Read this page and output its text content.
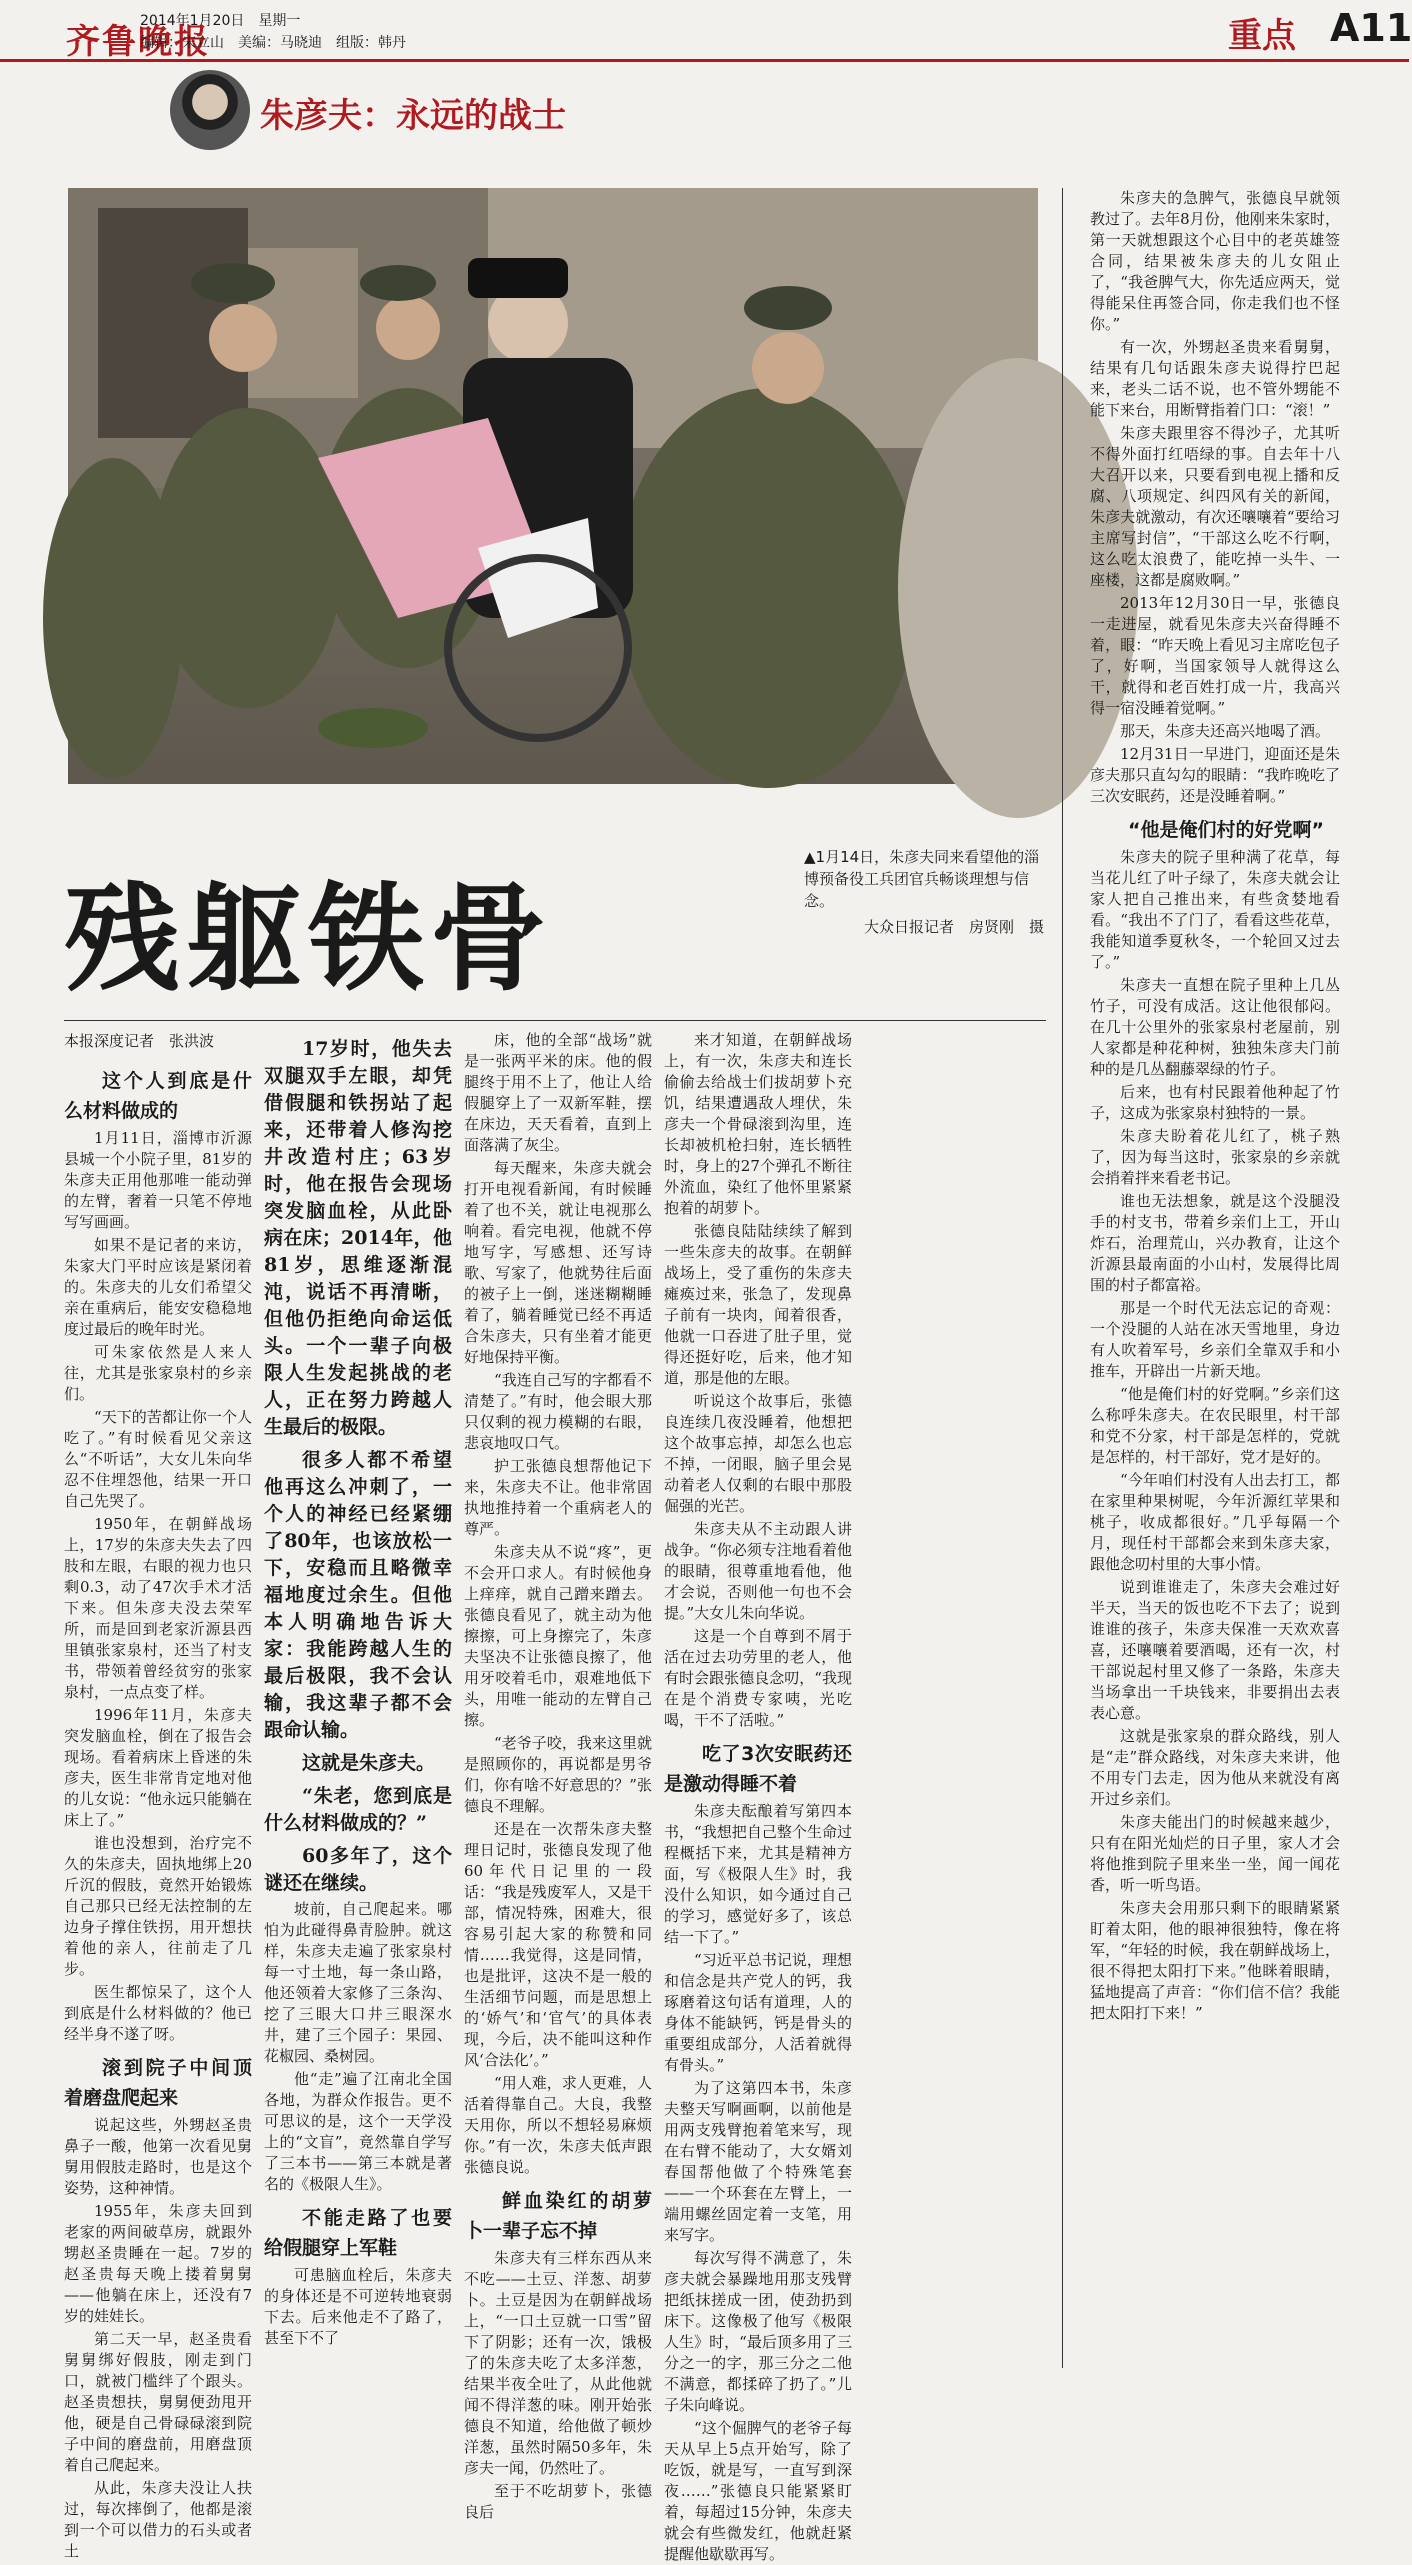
齐鲁晚报
2014年1月20日　星期一
编辑：宋立山　美编：马晓迪　组版：韩丹	重点 A11
朱彦夫：永远的战士
残躯铁骨
▲1月14日，朱彦夫同来看望他的淄博预备役工兵团官兵畅谈理想与信念。
大众日报记者　房贤刚　摄
本报深度记者　张洪波

这个人到底是什么材料做成的

1月11日，淄博市沂源县城一个小院子里，81岁的朱彦夫正用他那唯一能动弹的左臂，奢着一只笔不停地写写画画。

如果不是记者的来访，朱家大门平时应该是紧闭着的。朱彦夫的儿女们希望父亲在重病后，能安安稳稳地度过最后的晚年时光。

可朱家依然是人来人往，尤其是张家泉村的乡亲们。

“天下的苦都让你一个人吃了。”有时候看见父亲这么“不听话”，大女儿朱向华忍不住埋怨他，结果一开口自己先哭了。

1950年，在朝鲜战场上，17岁的朱彦夫失去了四肢和左眼，右眼的视力也只剩0.3，动了47次手术才活下来。但朱彦夫没去荣军所，而是回到老家沂源县西里镇张家泉村，还当了村支书，带领着曾经贫穷的张家泉村，一点点变了样。

1996年11月，朱彦夫突发脑血栓，倒在了报告会现场。看着病床上昏迷的朱彦夫，医生非常肯定地对他的儿女说：“他永远只能躺在床上了。”

谁也没想到，治疗完不久的朱彦夫，固执地绑上20斤沉的假肢，竟然开始锻炼自己那只已经无法控制的左边身子撑住铁拐，用开想扶着他的亲人，往前走了几步。

医生都惊呆了，这个人到底是什么材料做的？他已经半身不遂了呀。

滚到院子中间顶着磨盘爬起来

说起这些，外甥赵圣贵鼻子一酸，他第一次看见舅舅用假肢走路时，也是这个姿势，这种神情。

1955年，朱彦夫回到老家的两间破草房，就跟外甥赵圣贵睡在一起。7岁的赵圣贵每天晚上搂着舅舅——他躺在床上，还没有7岁的娃娃长。

第二天一早，赵圣贵看舅舅绑好假肢，刚走到门口，就被门槛绊了个跟头。赵圣贵想扶，舅舅便劲甩开他，硬是自己骨碌碌滚到院子中间的磨盘前，用磨盘顶着自己爬起来。

从此，朱彦夫没让人扶过，每次摔倒了，他都是滚到一个可以借力的石头或者土

17岁时，他失去双腿双手左眼，却凭借假腿和铁拐站了起来，还带着人修沟挖井改造村庄；63岁时，他在报告会现场突发脑血栓，从此卧病在床；2014年，他81岁，思维逐渐混沌，说话不再清晰，但他仍拒绝向命运低头。一个一辈子向极限人生发起挑战的老人，正在努力跨越人生最后的极限。

很多人都不希望他再这么冲刺了，一个人的神经已经紧绷了80年，也该放松一下，安稳而且略微幸福地度过余生。但他本人明确地告诉大家：我能跨越人生的最后极限，我不会认输，我这辈子都不会跟命认输。

这就是朱彦夫。

“朱老，您到底是什么材料做成的？”

60多年了，这个谜还在继续。

坡前，自己爬起来。哪怕为此碰得鼻青脸肿。就这样，朱彦夫走遍了张家泉村每一寸土地，每一条山路，他还领着大家修了三条沟、挖了三眼大口井三眼深水井，建了三个园子：果园、花椒园、桑树园。

他“走”遍了江南北全国各地，为群众作报告。更不可思议的是，这个一天学没上的“文盲”，竟然靠自学写了三本书——第三本就是著名的《极限人生》。

不能走路了也要给假腿穿上军鞋

可患脑血栓后，朱彦夫的身体还是不可逆转地衰弱下去。后来他走不了路了，甚至下不了

床，他的全部“战场”就是一张两平米的床。他的假腿终于用不上了，他让人给假腿穿上了一双新军鞋，摆在床边，天天看着，直到上面落满了灰尘。

每天醒来，朱彦夫就会打开电视看新闻，有时候睡着了也不关，就让电视那么响着。看完电视，他就不停地写字，写感想、还写诗歌、写家了，他就势往后面的被子上一倒，迷迷糊糊睡着了，躺着睡觉已经不再适合朱彦夫，只有坐着才能更好地保持平衡。

“我连自己写的字都看不清楚了。”有时，他会眼大那只仅剩的视力模糊的右眼，悲哀地叹口气。

护工张德良想帮他记下来，朱彦夫不让。他非常固执地推持着一个重病老人的尊严。

朱彦夫从不说“疼”，更不会开口求人。有时候他身上痒痒，就自己蹭来蹭去。张德良看见了，就主动为他擦擦，可上身擦完了，朱彦夫坚决不让张德良擦了，他用牙咬着毛巾，艰难地低下头，用唯一能动的左臂自己擦。

“老爷子咬，我来这里就是照顾你的，再说都是男爷们，你有啥不好意思的？”张德良不理解。

还是在一次帮朱彦夫整理日记时，张德良发现了他60年代日记里的一段话：“我是残废军人，又是干部，情况特殊，困难大，很容易引起大家的称赞和同情……我觉得，这是同情，也是批评，这决不是一般的生活细节问题，而是思想上的‘娇气’和‘官气’的具体表现，今后，决不能叫这种作风‘合法化’。”

“用人难，求人更难，人活着得靠自己。大良，我整天用你，所以不想轻易麻烦你。”有一次，朱彦夫低声跟张德良说。

鲜血染红的胡萝卜一辈子忘不掉

朱彦夫有三样东西从来不吃——土豆、洋葱、胡萝卜。土豆是因为在朝鲜战场上，“一口土豆就一口雪”留下了阴影；还有一次，饿极了的朱彦夫吃了太多洋葱，结果半夜全吐了，从此他就闻不得洋葱的味。刚开始张德良不知道，给他做了顿炒洋葱，虽然时隔50多年，朱彦夫一闻，仍然吐了。

至于不吃胡萝卜，张德良后

来才知道，在朝鲜战场上，有一次，朱彦夫和连长偷偷去给战士们拔胡萝卜充饥，结果遭遇敌人埋伏，朱彦夫一个骨碌滚到沟里，连长却被机枪扫射，连长牺牲时，身上的27个弹孔不断往外流血，染红了他怀里紧紧抱着的胡萝卜。

张德良陆陆续续了解到一些朱彦夫的故事。在朝鲜战场上，受了重伤的朱彦夫瘫痪过来，张急了，发现鼻子前有一块肉，闻着很香，他就一口吞进了肚子里，觉得还挺好吃，后来，他才知道，那是他的左眼。

听说这个故事后，张德良连续几夜没睡着，他想把这个故事忘掉，却怎么也忘不掉，一闭眼，脑子里会晃动着老人仅剩的右眼中那股倔强的光芒。

朱彦夫从不主动跟人讲战争。“你必须专注地看着他的眼睛，很尊重地看他，他才会说，否则他一句也不会提。”大女儿朱向华说。

这是一个自尊到不屑于活在过去功劳里的老人，他有时会跟张德良念叨，“我现在是个消费专家咦，光吃喝，干不了活啦。”

吃了3次安眠药还是激动得睡不着

朱彦夫酝酿着写第四本书，“我想把自己整个生命过程概括下来，尤其是精神方面，写《极限人生》时，我没什么知识，如今通过自己的学习，感觉好多了，该总结一下了。”

“习近平总书记说，理想和信念是共产党人的钙，我琢磨着这句话有道理，人的身体不能缺钙，钙是骨头的重要组成部分，人活着就得有骨头。”

为了这第四本书，朱彦夫整天写啊画啊，以前他是用两支残臂抱着笔来写，现在右臂不能动了，大女婿刘春国帮他做了个特殊笔套——一个环套在左臂上，一端用螺丝固定着一支笔，用来写字。

每次写得不满意了，朱彦夫就会暴躁地用那支残臂把纸抹搓成一团，使劲扔到床下。这像极了他写《极限人生》时，“最后顶多用了三分之一的字，那三分之二他不满意，都揉碎了扔了。”儿子朱向峰说。

“这个倔脾气的老爷子每天从早上5点开始写，除了吃饭，就是写，一直写到深夜……”张德良只能紧紧盯着，每超过15分钟，朱彦夫就会有些微发红，他就赶紧提醒他歇歇再写。

朱彦夫的急脾气，张德良早就领教过了。去年8月份，他刚来朱家时，第一天就想跟这个心目中的老英雄签合同，结果被朱彦夫的儿女阻止了，“我爸脾气大，你先适应两天，觉得能呆住再签合同，你走我们也不怪你。”

有一次，外甥赵圣贵来看舅舅，结果有几句话跟朱彦夫说得拧巴起来，老头二话不说，也不管外甥能不能下来台，用断臂指着门口：“滚！”

朱彦夫跟里容不得沙子，尤其听不得外面打红唔绿的事。自去年十八大召开以来，只要看到电视上播和反腐、八项规定、纠四风有关的新闻，朱彦夫就激动，有次还嚷嚷着“要给习主席写封信”，“干部这么吃不行啊，这么吃太浪费了，能吃掉一头牛、一座楼，这都是腐败啊。”

2013年12月30日一早，张德良一走进屋，就看见朱彦夫兴奋得睡不着，眼：“昨天晚上看见习主席吃包子了，好啊，当国家领导人就得这么干，就得和老百姓打成一片，我高兴得一宿没睡着觉啊。”

那天，朱彦夫还高兴地喝了酒。

12月31日一早进门，迎面还是朱彦夫那只直勾勾的眼睛：“我昨晚吃了三次安眠药，还是没睡着啊。”

“他是俺们村的好党啊”

朱彦夫的院子里种满了花草，每当花儿红了叶子绿了，朱彦夫就会让家人把自己推出来，有些贪婪地看看。“我出不了门了，看看这些花草，我能知道季夏秋冬，一个轮回又过去了。”

朱彦夫一直想在院子里种上几丛竹子，可没有成活。这让他很郁闷。在几十公里外的张家泉村老屋前，别人家都是种花种树，独独朱彦夫门前种的是几丛翻藤翠绿的竹子。

后来，也有村民跟着他种起了竹子，这成为张家泉村独特的一景。

朱彦夫盼着花儿红了，桃子熟了，因为每当这时，张家泉的乡亲就会捎着拌来看老书记。

谁也无法想象，就是这个没腿没手的村支书，带着乡亲们上工，开山炸石，治理荒山，兴办教育，让这个沂源县最南面的小山村，发展得比周围的村子都富裕。

那是一个时代无法忘记的奇观：一个没腿的人站在冰天雪地里，身边有人吹着军号，乡亲们全靠双手和小推车，开辟出一片新天地。

“他是俺们村的好党啊。”乡亲们这么称呼朱彦夫。在农民眼里，村干部和党不分家，村干部是怎样的，党就是怎样的，村干部好，党才是好的。

“今年咱们村没有人出去打工，都在家里种果树呢，今年沂源红苹果和桃子，收成都很好。”几乎每隔一个月，现任村干部都会来到朱彦夫家，跟他念叨村里的大事小情。

说到谁谁走了，朱彦夫会难过好半天，当天的饭也吃不下去了；说到谁谁的孩子，朱彦夫保准一天欢欢喜喜，还嚷嚷着要酒喝，还有一次，村干部说起村里又修了一条路，朱彦夫当场拿出一千块钱来，非要捐出去表表心意。

这就是张家泉的群众路线，别人是“走”群众路线，对朱彦夫来讲，他不用专门去走，因为他从来就没有离开过乡亲们。

朱彦夫能出门的时候越来越少，只有在阳光灿烂的日子里，家人才会将他推到院子里来坐一坐，闻一闻花香，听一听鸟语。

朱彦夫会用那只剩下的眼睛紧紧盯着太阳，他的眼神很独特，像在将军，“年轻的时候，我在朝鲜战场上，很不得把太阳打下来。”他眯着眼睛，猛地提高了声音：“你们信不信？我能把太阳打下来！”
